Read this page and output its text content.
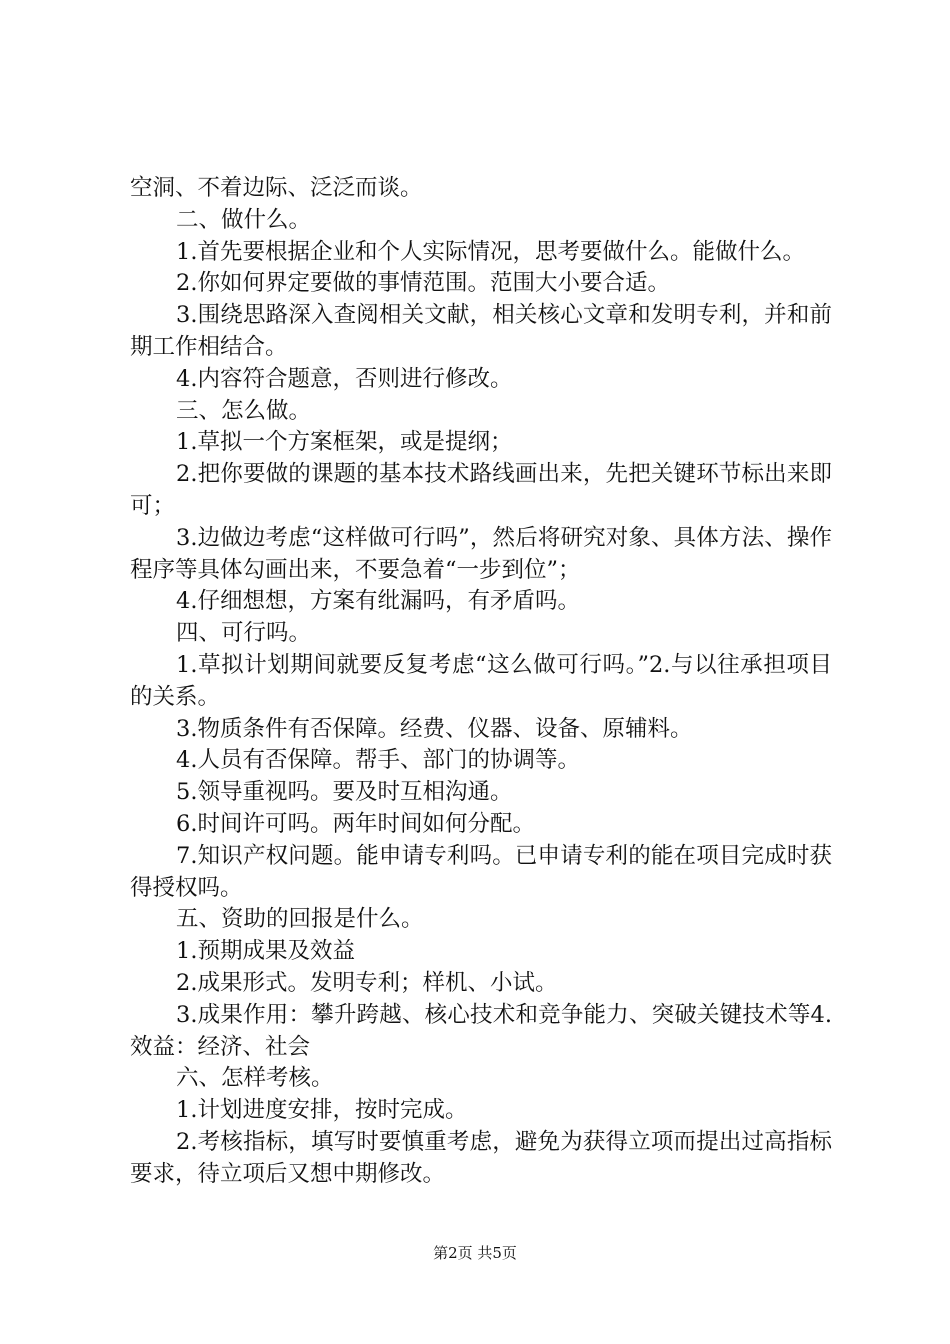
空洞、不着边际、泛泛而谈。

二、做什么。

1.首先要根据企业和个人实际情况，思考要做什么。能做什么。

2.你如何界定要做的事情范围。范围大小要合适。

3.围绕思路深入查阅相关文献，相关核心文章和发明专利，并和前期工作相结合。

4.内容符合题意，否则进行修改。

三、怎么做。

1.草拟一个方案框架，或是提纲；

2.把你要做的课题的基本技术路线画出来，先把关键环节标出来即可；

3.边做边考虑“这样做可行吗”，然后将研究对象、具体方法、操作程序等具体勾画出来，不要急着“一步到位”；

4.仔细想想，方案有纰漏吗，有矛盾吗。

四、可行吗。

1.草拟计划期间就要反复考虑“这么做可行吗。”2.与以往承担项目的关系。

3.物质条件有否保障。经费、仪器、设备、原辅料。

4.人员有否保障。帮手、部门的协调等。

5.领导重视吗。要及时互相沟通。

6.时间许可吗。两年时间如何分配。

7.知识产权问题。能申请专利吗。已申请专利的能在项目完成时获得授权吗。

五、资助的回报是什么。

1.预期成果及效益

2.成果形式。发明专利；样机、小试。

3.成果作用：攀升跨越、核心技术和竞争能力、突破关键技术等4.效益：经济、社会

六、怎样考核。

1.计划进度安排，按时完成。

2.考核指标，填写时要慎重考虑，避免为获得立项而提出过高指标要求，待立项后又想中期修改。

第2页 共5页
